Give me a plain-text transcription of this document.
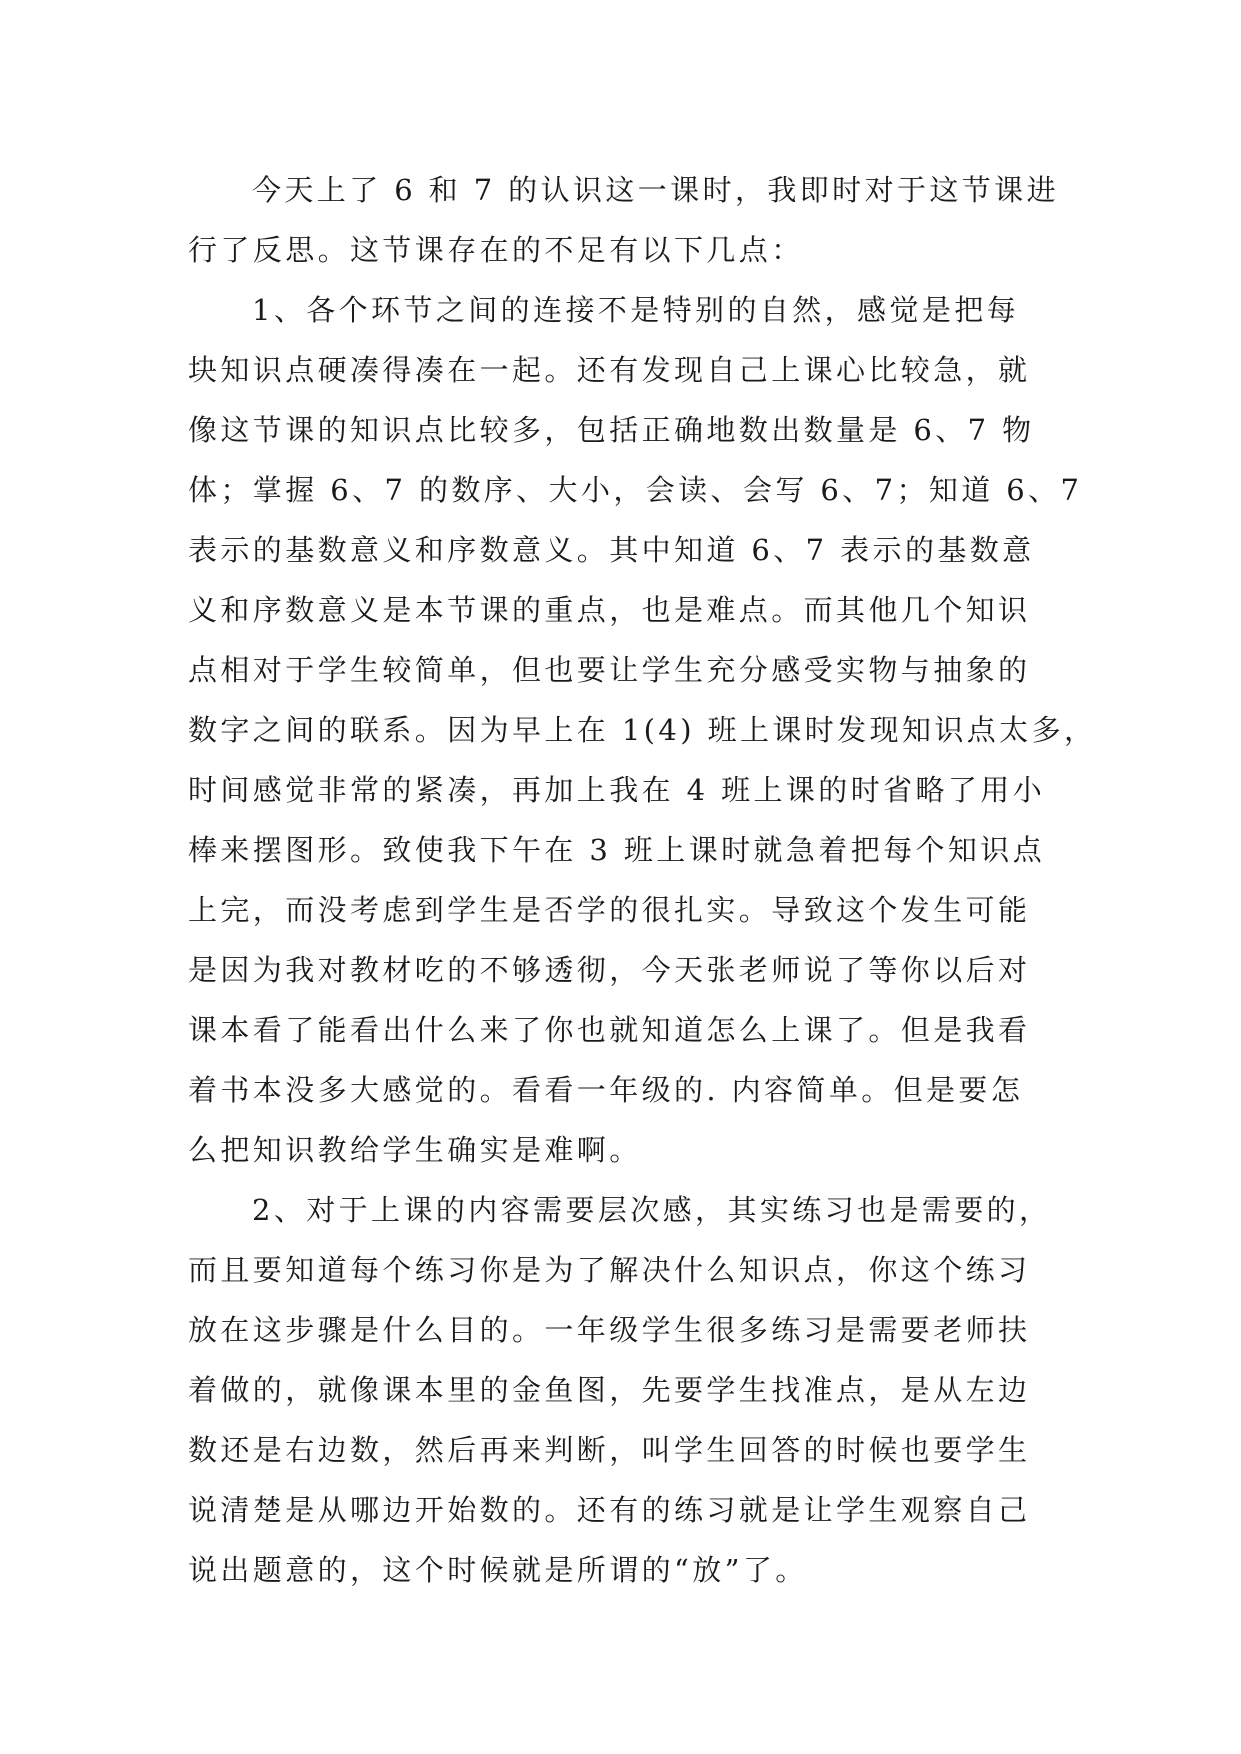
今天上了 6 和 7 的认识这一课时，我即时对于这节课进
行了反思。这节课存在的不足有以下几点：
1、各个环节之间的连接不是特别的自然，感觉是把每
块知识点硬凑得凑在一起。还有发现自己上课心比较急，就
像这节课的知识点比较多，包括正确地数出数量是 6、7 物
体；掌握 6、7 的数序、大小，会读、会写 6、7；知道 6、7
表示的基数意义和序数意义。其中知道 6、7 表示的基数意
义和序数意义是本节课的重点，也是难点。而其他几个知识
点相对于学生较简单，但也要让学生充分感受实物与抽象的
数字之间的联系。因为早上在 1(4) 班上课时发现知识点太多，
时间感觉非常的紧凑，再加上我在 4 班上课的时省略了用小
棒来摆图形。致使我下午在 3 班上课时就急着把每个知识点
上完，而没考虑到学生是否学的很扎实。导致这个发生可能
是因为我对教材吃的不够透彻，今天张老师说了等你以后对
课本看了能看出什么来了你也就知道怎么上课了。但是我看
着书本没多大感觉的。看看一年级的. 内容简单。但是要怎
么把知识教给学生确实是难啊。
2、对于上课的内容需要层次感，其实练习也是需要的，
而且要知道每个练习你是为了解决什么知识点，你这个练习
放在这步骤是什么目的。一年级学生很多练习是需要老师扶
着做的，就像课本里的金鱼图，先要学生找准点，是从左边
数还是右边数，然后再来判断，叫学生回答的时候也要学生
说清楚是从哪边开始数的。还有的练习就是让学生观察自己
说出题意的，这个时候就是所谓的“放”了。
